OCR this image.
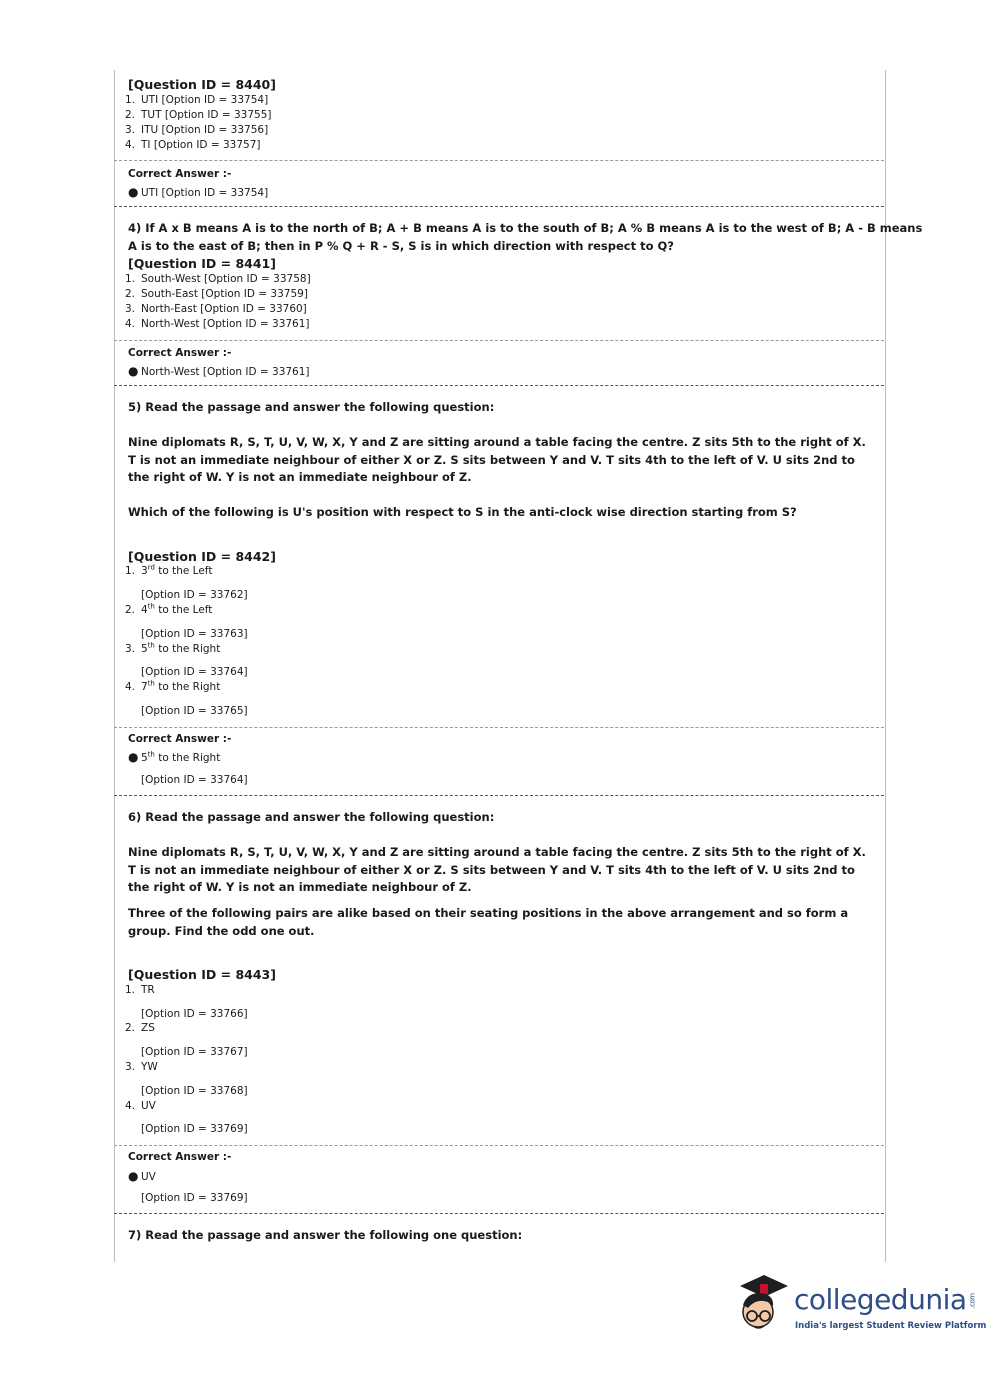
[Question ID = 8440]
1. UTI [Option ID = 33754]
2. TUT [Option ID = 33755]
3. ITU [Option ID = 33756]
4. TI [Option ID = 33757]
Correct Answer :-
● UTI [Option ID = 33754]
4) If A x B means A is to the north of B; A + B means A is to the south of B; A % B means A is to the west of B; A - B means
A is to the east of B; then in P % Q + R - S, S is in which direction with respect to Q?
[Question ID = 8441]
1. South-West [Option ID = 33758]
2. South-East [Option ID = 33759]
3. North-East [Option ID = 33760]
4. North-West [Option ID = 33761]
Correct Answer :-
● North-West [Option ID = 33761]
5) Read the passage and answer the following question:
Nine diplomats R, S, T, U, V, W, X, Y and Z are sitting around a table facing the centre. Z sits 5th to the right of X. T is not an immediate neighbour of either X or Z. S sits between Y and V. T sits 4th to the left of V. U sits 2nd to the right of W. Y is not an immediate neighbour of Z.
Which of the following is U's position with respect to S in the anti-clock wise direction starting from S?
[Question ID = 8442]
1. 3rd to the Left
[Option ID = 33762]
2. 4th to the Left
[Option ID = 33763]
3. 5th to the Right
[Option ID = 33764]
4. 7th to the Right
[Option ID = 33765]
Correct Answer :-
● 5th to the Right
[Option ID = 33764]
6) Read the passage and answer the following question:
Nine diplomats R, S, T, U, V, W, X, Y and Z are sitting around a table facing the centre. Z sits 5th to the right of X. T is not an immediate neighbour of either X or Z. S sits between Y and V. T sits 4th to the left of V. U sits 2nd to the right of W. Y is not an immediate neighbour of Z.
Three of the following pairs are alike based on their seating positions in the above arrangement and so form a group. Find the odd one out.
[Question ID = 8443]
1. TR
[Option ID = 33766]
2. ZS
[Option ID = 33767]
3. YW
[Option ID = 33768]
4. UV
[Option ID = 33769]
Correct Answer :-
● UV
[Option ID = 33769]
7) Read the passage and answer the following one question:
collegedunia .com
India's largest Student Review Platform
